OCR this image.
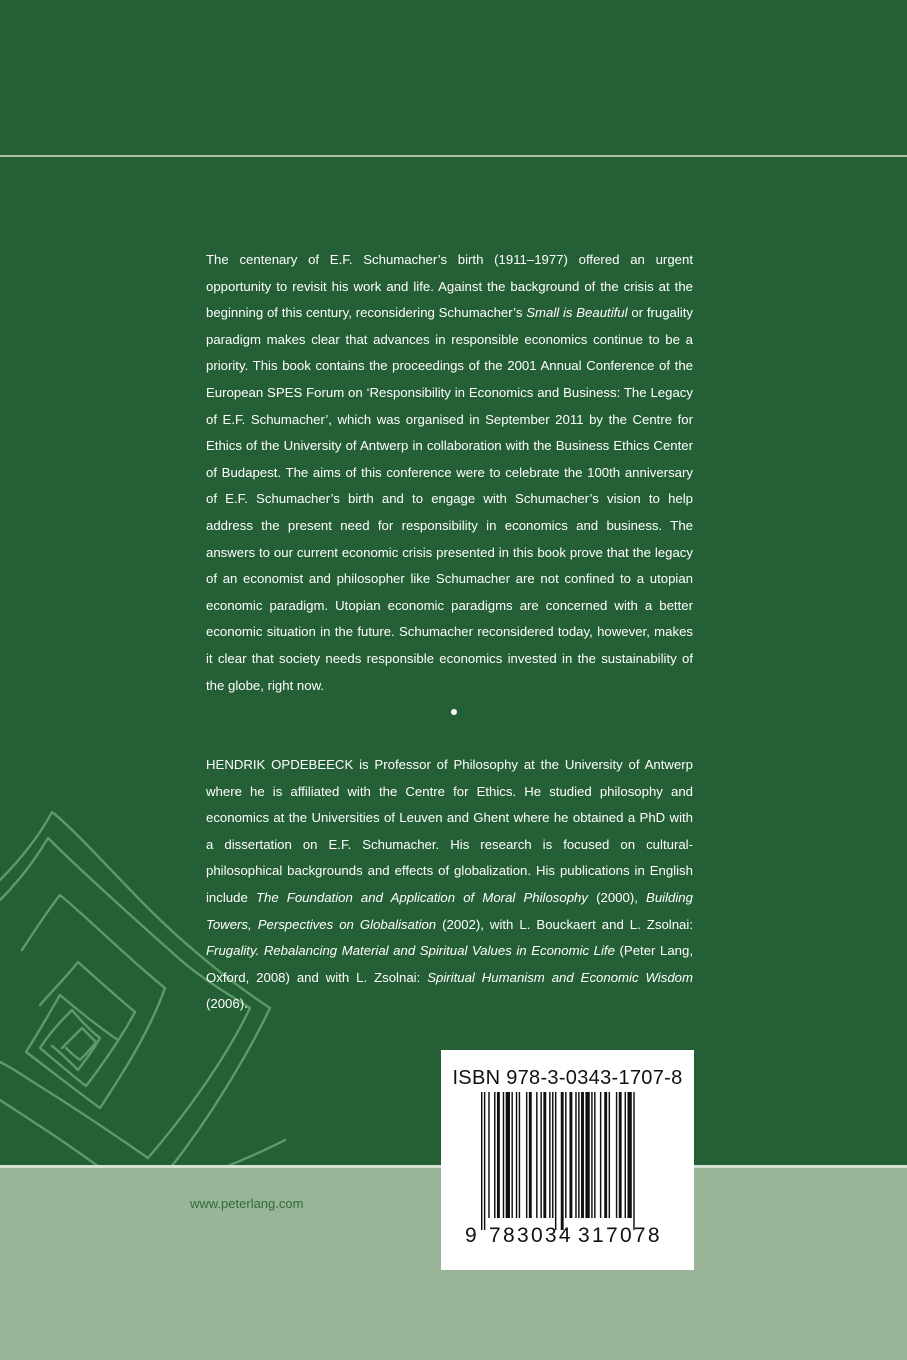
The centenary of E.F. Schumacher’s birth (1911–1977) offered an urgent opportunity to revisit his work and life. Against the background of the crisis at the beginning of this century, reconsidering Schumacher’s Small is Beautiful or frugality paradigm makes clear that advances in responsible economics continue to be a priority. This book contains the proceedings of the 2001 Annual Conference of the European SPES Forum on ‘Responsibility in Economics and Business: The Legacy of E.F. Schumacher’, which was organised in September 2011 by the Centre for Ethics of the University of Antwerp in collaboration with the Business Ethics Center of Budapest. The aims of this conference were to celebrate the 100th anniversary of E.F. Schumacher’s birth and to engage with Schumacher’s vision to help address the present need for responsibility in economics and business. The answers to our current economic crisis presented in this book prove that the legacy of an economist and philosopher like Schumacher are not confined to a utopian economic paradigm. Utopian economic paradigms are concerned with a better economic situation in the future. Schumacher reconsidered today, however, makes it clear that society needs responsible economics invested in the sustainability of the globe, right now.

HENDRIK OPDEBEECK is Professor of Philosophy at the University of Antwerp where he is affiliated with the Centre for Ethics. He studied philosophy and economics at the Universities of Leuven and Ghent where he obtained a PhD with a dissertation on E.F. Schumacher. His research is focused on cultural-philosophical backgrounds and effects of globalization. His publications in English include The Foundation and Application of Moral Philosophy (2000), Building Towers, Perspectives on Globalisation (2002), with L. Bouckaert and L. Zsolnai: Frugality. Rebalancing Material and Spiritual Values in Economic Life (Peter Lang, Oxford, 2008) and with L. Zsolnai: Spiritual Humanism and Economic Wisdom (2006).

www.peterlang.com
ISBN 978-3-0343-1707-8
9 783034 317078
